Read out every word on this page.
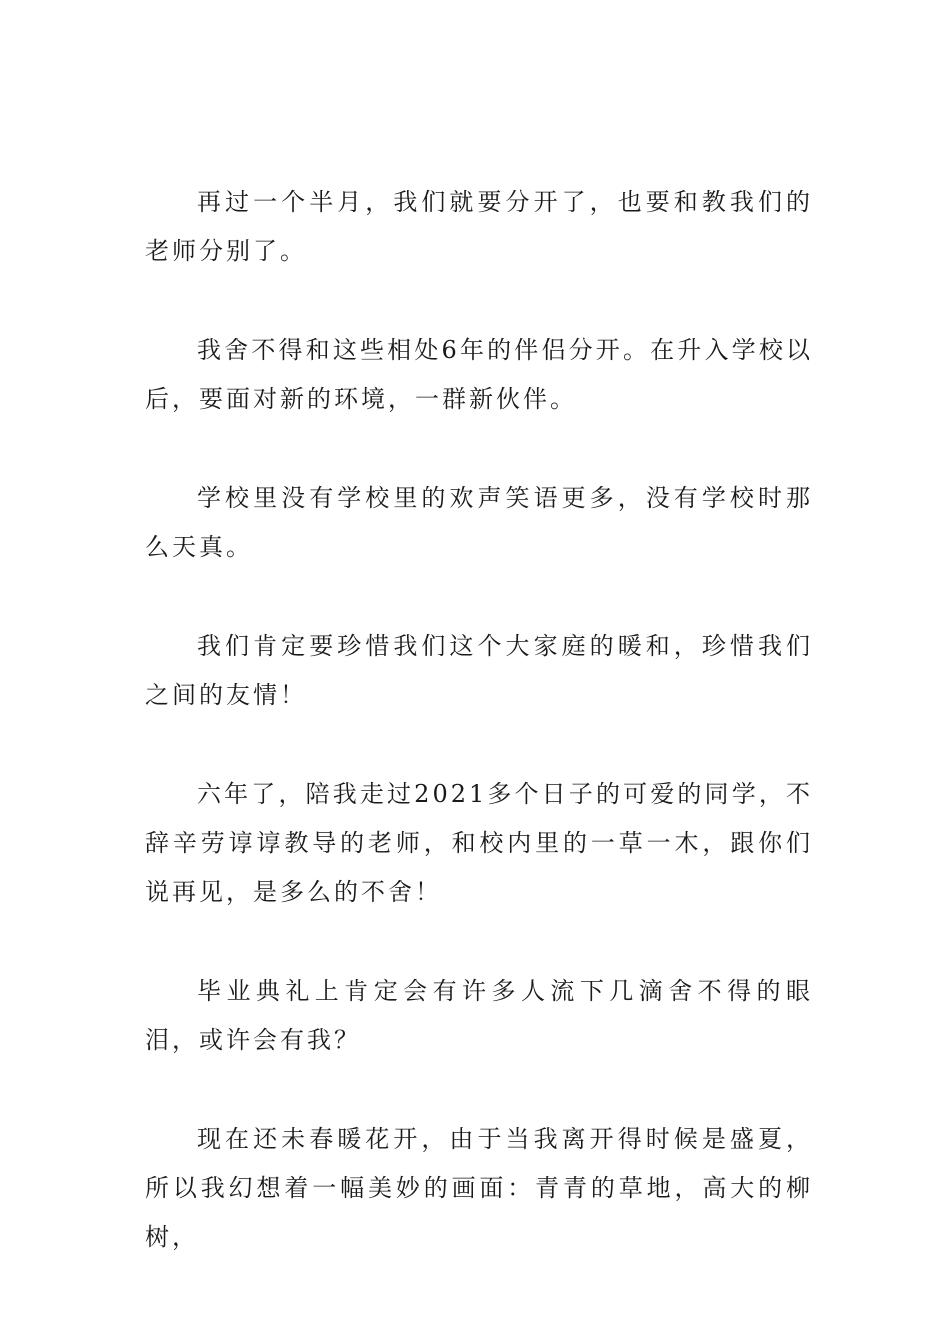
再过一个半月，我们就要分开了，也要和教我们的老师分别了。

我舍不得和这些相处6年的伴侣分开。在升入学校以后，要面对新的环境，一群新伙伴。

学校里没有学校里的欢声笑语更多，没有学校时那么天真。

我们肯定要珍惜我们这个大家庭的暖和，珍惜我们之间的友情！

六年了，陪我走过2021多个日子的可爱的同学，不辞辛劳谆谆教导的老师，和校内里的一草一木，跟你们说再见，是多么的不舍！

毕业典礼上肯定会有许多人流下几滴舍不得的眼泪，或许会有我？

现在还未春暖花开，由于当我离开得时候是盛夏，所以我幻想着一幅美妙的画面：青青的草地，高大的柳树，
